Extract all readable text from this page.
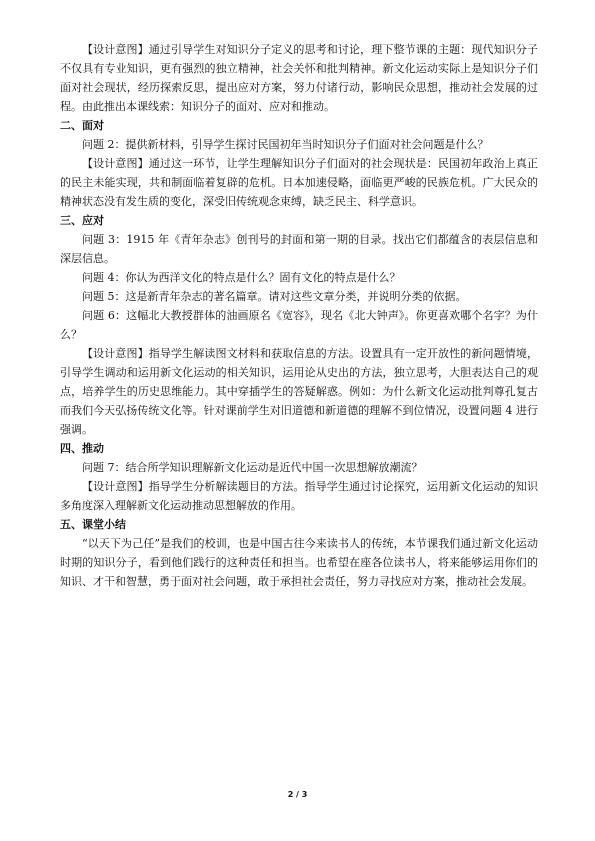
【设计意图】通过引导学生对知识分子定义的思考和讨论，理下整节课的主题：现代知识分子不仅具有专业知识，更有强烈的独立精神，社会关怀和批判精神。新文化运动实际上是知识分子们面对社会现状，经历探索反思，提出应对方案，努力付诸行动，影响民众思想，推动社会发展的过程。由此推出本课线索：知识分子的面对、应对和推动。
二、面对
问题 2：提供新材料，引导学生探讨民国初年当时知识分子们面对社会问题是什么？
【设计意图】通过这一环节，让学生理解知识分子们面对的社会现状是：民国初年政治上真正的民主未能实现，共和制面临着复辟的危机。日本加速侵略，面临更严峻的民族危机。广大民众的精神状态没有发生质的变化，深受旧传统观念束缚，缺乏民主、科学意识。
三、应对
问题 3：1915 年《青年杂志》创刊号的封面和第一期的目录。找出它们都蕴含的表层信息和深层信息。
问题 4：你认为西洋文化的特点是什么？固有文化的特点是什么？
问题 5：这是新青年杂志的著名篇章。请对这些文章分类，并说明分类的依据。
问题 6：这幅北大教授群体的油画原名《宽容》，现名《北大钟声》。你更喜欢哪个名字？为什么？
【设计意图】指导学生解读图文材料和获取信息的方法。设置具有一定开放性的新问题情境，引导学生调动和运用新文化运动的相关知识，运用论从史出的方法，独立思考，大胆表达自己的观点，培养学生的历史思维能力。其中穿插学生的答疑解惑。例如：为什么新文化运动批判尊孔复古而我们今天弘扬传统文化等。针对课前学生对旧道德和新道德的理解不到位情况，设置问题 4 进行强调。
四、推动
问题 7：结合所学知识理解新文化运动是近代中国一次思想解放潮流？
【设计意图】指导学生分析解读题目的方法。指导学生通过讨论探究，运用新文化运动的知识多角度深入理解新文化运动推动思想解放的作用。
五、课堂小结
“以天下为己任”是我们的校训，也是中国古往今来读书人的传统，本节课我们通过新文化运动时期的知识分子，看到他们践行的这种责任和担当。也希望在座各位读书人，将来能够运用你们的知识、才干和智慧，勇于面对社会问题，敢于承担社会责任，努力寻找应对方案，推动社会发展。
2 / 3
